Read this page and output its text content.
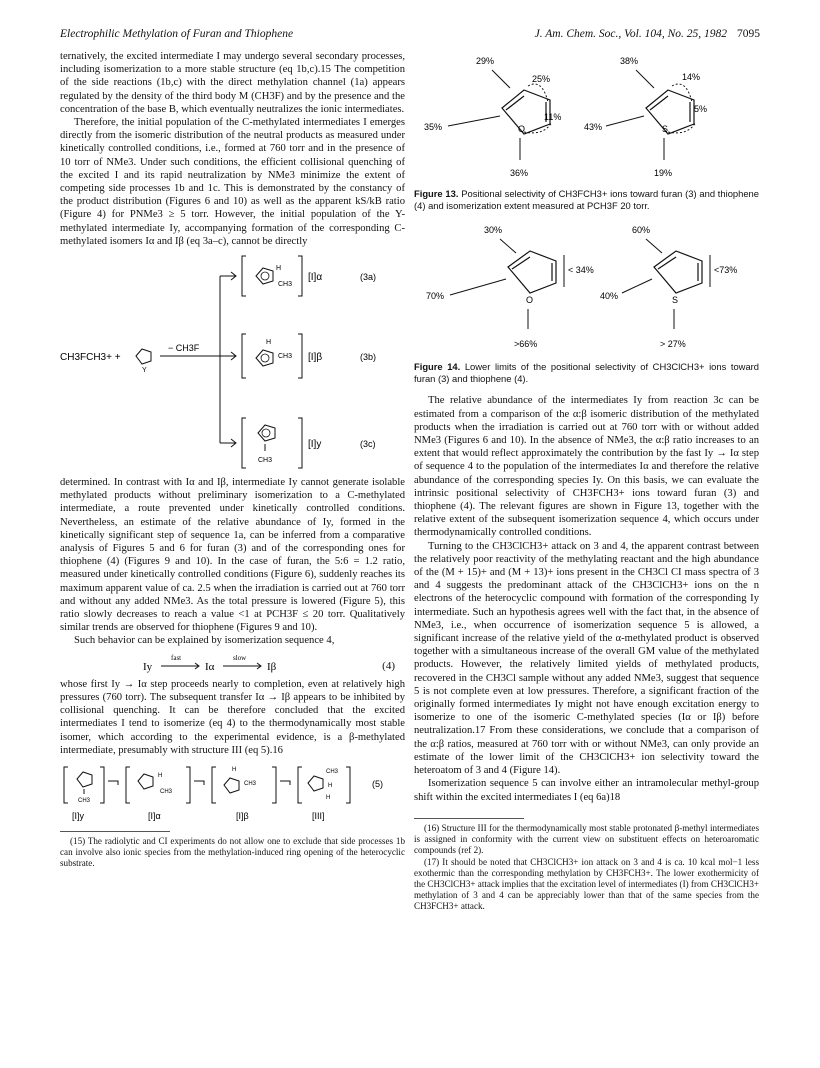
Electrophilic Methylation of Furan and Thiophene	J. Am. Chem. Soc., Vol. 104, No. 25, 1982 7095

ternatively, the excited intermediate I may undergo several secondary processes, including isomerization to a more stable structure (eq 1b,c).15 The competition of the side reactions (1b,c) with the direct methylation channel (1a) appears regulated by the density of the third body M (CH3F) and by the presence and the concentration of the base B, which eventually neutralizes the ionic intermediates.

Therefore, the initial population of the C-methylated intermediates I emerges directly from the isomeric distribution of the neutral products as measured under kinetically controlled conditions, i.e., formed at 760 torr and in the presence of 10 torr of NMe3. Under such conditions, the efficient collisional quenching of the excited I and its rapid neutralization by NMe3 minimize the extent of competing side processes 1b and 1c. This is demonstrated by the constancy of the product distribution (Figures 6 and 10) as well as the apparent kS/kB ratio (Figure 4) for PNMe3 ≥ 5 torr. However, the initial population of the Y-methylated intermediate Iy, accompanying formation of the corresponding C-methylated isomers Iα and Iβ (eq 3a–c), cannot be directly

CH3FCH3+ +
Y
− CH3F
H
CH3
[I]α	(3a)
H
CH3 [I]β	(3b)
CH3
[I]y	(3c)

determined. In contrast with Iα and Iβ, intermediate Iy cannot generate isolable methylated products without preliminary isomerization to a C-methylated intermediate, a route prevented under kinetically controlled conditions. Nevertheless, an estimate of the relative abundance of Iy, formed in the kinetically significant step of sequence 1a, can be inferred from a comparative analysis of Figures 5 and 6 for furan (3) and of the corresponding ones for thiophene (4) (Figures 9 and 10). In the case of furan, the 5:6 = 1.2 ratio, measured under kinetically controlled conditions (Figure 6), suddenly reaches its maximum apparent value of ca. 2.5 when the irradiation is carried out at 760 torr and without any added NMe3. As the total pressure is lowered (Figure 5), this ratio slowly decreases to reach a value <1 at PCH3F ≤ 20 torr. Qualitatively similar trends are observed for thiophene (Figures 9 and 10).

Such behavior can be explained by isomerization sequence 4,

Iy
fast
Iα
slow
Iβ	(4)

whose first Iy → Iα step proceeds nearly to completion, even at relatively high pressures (760 torr). The subsequent transfer Iα → Iβ appears to be inhibited by collisional quenching. It can be therefore concluded that the excited intermediates I tend to isomerize (eq 4) to the thermodynamically most stable isomer, which according to the experimental evidence, is a β-methylated intermediate, presumably with structure III (eq 5).16

CH3
[I]y
H
CH3
[I]α
H
CH3
[I]β
CH3
H
H
[III]
(5)

(15) The radiolytic and CI experiments do not allow one to exclude that side processes 1b can involve also ionic species from the methylation-induced ring opening of the heterocyclic substrate.

O
29%
25%
11%
35%
36%
S
38%
14%
5%
43%
19%
Figure 13. Positional selectivity of CH3FCH3+ ions toward furan (3) and thiophene (4) and isomerization extent measured at PCH3F 20 torr.
O
30%
< 34%
70%
>66%
S
60%
<73%
40%
> 27%
Figure 14. Lower limits of the positional selectivity of CH3ClCH3+ ions toward furan (3) and thiophene (4).

The relative abundance of the intermediates Iy from reaction 3c can be estimated from a comparison of the α:β isomeric distribution of the methylated products when the irradiation is carried out at 760 torr with or without added NMe3 (Figures 6 and 10). In the absence of NMe3, the α:β ratio increases to an extent that would reflect approximately the contribution by the fast Iy → Iα step of sequence 4 to the population of the intermediates Iα and therefore the relative abundance of the corresponding species Iy. On this basis, we can evaluate the intrinsic positional selectivity of CH3FCH3+ ions toward furan (3) and thiophene (4). The relevant figures are shown in Figure 13, together with the relative extent of the subsequent isomerization sequence 4, which occurs under thermodynamically controlled conditions.

Turning to the CH3ClCH3+ attack on 3 and 4, the apparent contrast between the relatively poor reactivity of the methylating reactant and the high abundance of the (M + 15)+ and (M + 13)+ ions present in the CH3Cl CI mass spectra of 3 and 4 suggests the predominant attack of the CH3ClCH3+ ions on the n electrons of the heterocyclic compound with formation of the corresponding Iy intermediate. Such an hypothesis agrees well with the fact that, in the absence of NMe3, i.e., when occurrence of isomerization sequence 5 is allowed, a significant increase of the relative yield of the α-methylated product is observed together with a simultaneous increase of the overall GM value of the methylated products. However, the relatively limited yields of methylated products, recovered in the CH3Cl sample without any added NMe3, suggest that sequence 5 is not complete even at low pressures. Therefore, a significant fraction of the originally formed intermediates Iy might not have enough excitation energy to isomerize to one of the isomeric C-methylated species (Iα or Iβ) before neutralization.17 From these considerations, we conclude that a comparison of the α:β ratios, measured at 760 torr with or without NMe3, can only provide an estimate of the lower limit of the CH3ClCH3+ ion selectivity toward the heteroatom of 3 and 4 (Figure 14).

Isomerization sequence 5 can involve either an intramolecular methyl-group shift within the excited intermediates I (eq 6a)18

(16) Structure III for the thermodynamically most stable protonated β-methyl intermediates is assigned in conformity with the current view on substituent effects on heteroaromatic compounds (ref 2).

(17) It should be noted that CH3ClCH3+ ion attack on 3 and 4 is ca. 10 kcal mol−1 less exothermic than the corresponding methylation by CH3FCH3+. The lower exothermicity of the CH3ClCH3+ attack implies that the excitation level of intermediates (I) from CH3ClCH3+ methylation of 3 and 4 can be appreciably lower than that of the same species from the CH3FCH3+ attack.
